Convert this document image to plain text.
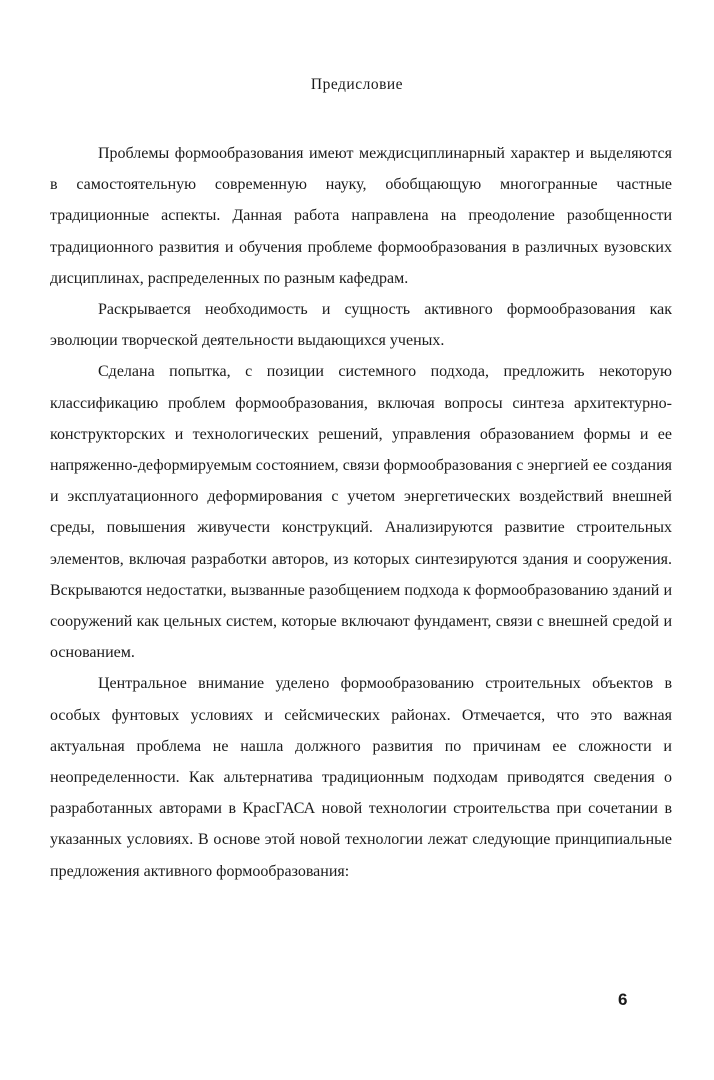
Предисловие

Проблемы формообразования имеют междисциплинарный характер и выделяются в самостоятельную современную науку, обобщающую многогранные частные традиционные аспекты. Данная работа направлена на преодоление разобщенности традиционного развития и обучения проблеме формообразования в различных вузовских дисциплинах, распределенных по разным кафедрам.

Раскрывается необходимость и сущность активного формообразования как эволюции творческой деятельности выдающихся ученых.

Сделана попытка, с позиции системного подхода, предложить некоторую классификацию проблем формообразования, включая вопросы синтеза архитектурно-конструкторских и технологических решений, управления образованием формы и ее напряженно-деформируемым состоянием, связи формообразования с энергией ее создания и эксплуатационного деформирования с учетом энергетических воздействий внешней среды, повышения живучести конструкций. Анализируются развитие строительных элементов, включая разработки авторов, из которых синтезируются здания и сооружения. Вскрываются недостатки, вызванные разобщением подхода к формообразованию зданий и сооружений как цельных систем, которые включают фундамент, связи с внешней средой и основанием.

Центральное внимание уделено формообразованию строительных объектов в особых фунтовых условиях и сейсмических районах. Отмечается, что это важная актуальная проблема не нашла должного развития по причинам ее сложности и неопределенности. Как альтернатива традиционным подходам приводятся сведения о разработанных авторами в КрасГАСА новой технологии строительства при сочетании в указанных условиях. В основе этой новой технологии лежат следующие принципиальные предложения активного формообразования:

6
